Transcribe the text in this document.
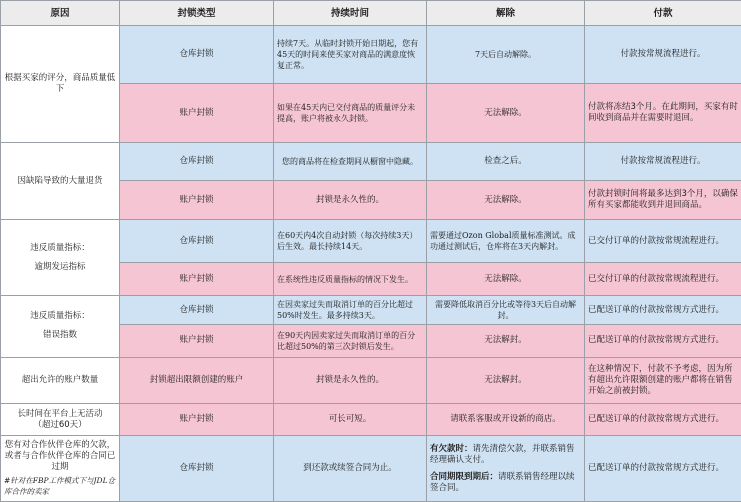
原因	封锁类型	持续时间	解除	付款

根据买家的评分，商品质量低下	仓库封锁	持续7天。从临时封锁开始日期起，您有45天的时间来使买家对商品的满意度恢复正常。	7天后自动解除。	付款按常规流程进行。
	账户封锁	如果在45天内已交付商品的质量评分未提高，账户将被永久封锁。	无法解除。	付款将冻结3个月。在此期间，买家有时间收到商品并在需要时退回。

因缺陷导致的大量退货	仓库封锁	您的商品将在检查期间从橱窗中隐藏。	检查之后。	付款按常规流程进行。
	账户封锁	封锁是永久性的。	无法解除。	付款封锁时间将最多达到3个月，以确保所有买家都能收到并退回商品。

违反质量指标：
逾期发运指标	仓库封锁	在60天内4次自动封锁（每次持续3天）后生效。最长持续14天。	需要通过Ozon Global质量标准测试。成功通过测试后，仓库将在3天内解封。	已交付订单的付款按常规流程进行。
	账户封锁	在系统性违反质量指标的情况下发生。	无法解除。	已交付订单的付款按常规流程进行。

违反质量指标：
错误指数	仓库封锁	在因卖家过失而取消订单的百分比超过50%时发生。最多持续3天。	需要降低取消百分比或等待3天后自动解封。	已配送订单的付款按常规方式进行。
	账户封锁	在90天内因卖家过失而取消订单的百分比超过50%的第三次封锁后发生。	无法解封。	已配送订单的付款按常规方式进行。

超出允许的账户数量	封锁超出限额创建的账户	封锁是永久性的。	无法解封。	在这种情况下，付款不予考虑，因为所有超出允许限额创建的账户都将在销售开始之前被封锁。

长时间在平台上无活动
（超过60天）	账户封锁	可长可短。	请联系客服或开设新的商店。	已配送订单的付款按常规方式进行。

您有对合作伙伴仓库的欠款，或者与合作伙伴仓库的合同已过期
#针对在FBP工作模式下与JDL仓库合作的卖家	仓库封锁	到还款或续签合同为止。	有欠款时：请先清偿欠款，并联系销售经理确认支付。
合同期限到期后：请联系销售经理以续签合同。	已配送订单的付款按常规方式进行。
